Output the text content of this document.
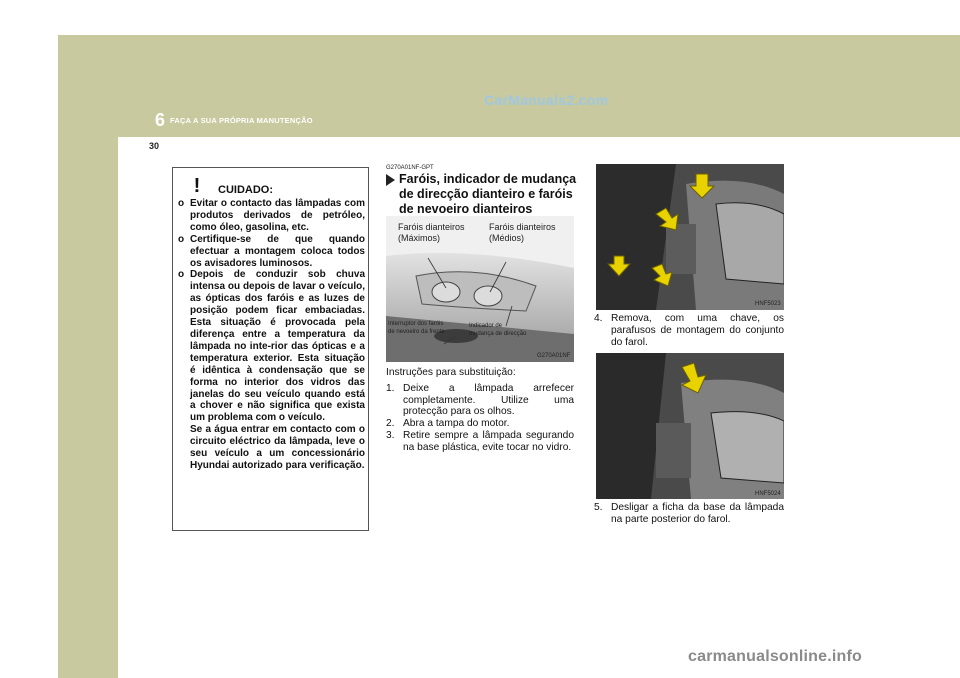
CarManuals2.com
6 FAÇA A SUA PRÓPRIA MANUTENÇÃO
30
! CUIDADO:
o Evitar o contacto das lâmpadas com produtos derivados de petróleo, como óleo, gasolina, etc.

o Certifique-se de que quando efectuar a montagem coloca todos os avisadores luminosos.

o Depois de conduzir sob chuva intensa ou depois de lavar o veículo, as ópticas dos faróis e as luzes de posição podem ficar embaciadas. Esta situação é provocada pela diferença entre a temperatura da lâmpada no inte-rior das ópticas e a temperatura exterior. Esta situação é idêntica à condensação que se forma no interior dos vidros das janelas do seu veículo quando está a chover e não significa que exista um problema com o veículo.

Se a água entrar em contacto com o circuito eléctrico da lâmpada, leve o seu veículo a um concessionário Hyundai autorizado para verificação.

G270A01NF-GPT
Faróis, indicador de mudança de direcção dianteiro e faróis de nevoeiro dianteiros
Faróis dianteiros
(Máximos)
Faróis dianteiros
(Médios)
Interruptor dos faróis
de nevoeiro da frente
Indicador de
mudança de direcção
G270A01NF

Instruções para substituição:

1. Deixe a lâmpada arrefecer completamente. Utilize uma protecção para os olhos.
2. Abra a tampa do motor.
3. Retire sempre a lâmpada segurando na base plástica, evite tocar no vidro.
HNF5023
4. Remova, com uma chave, os parafusos de montagem do conjunto do farol.
HNF5024
5. Desligar a ficha da base da lâmpada na parte posterior do farol.
carmanualsonline.info
